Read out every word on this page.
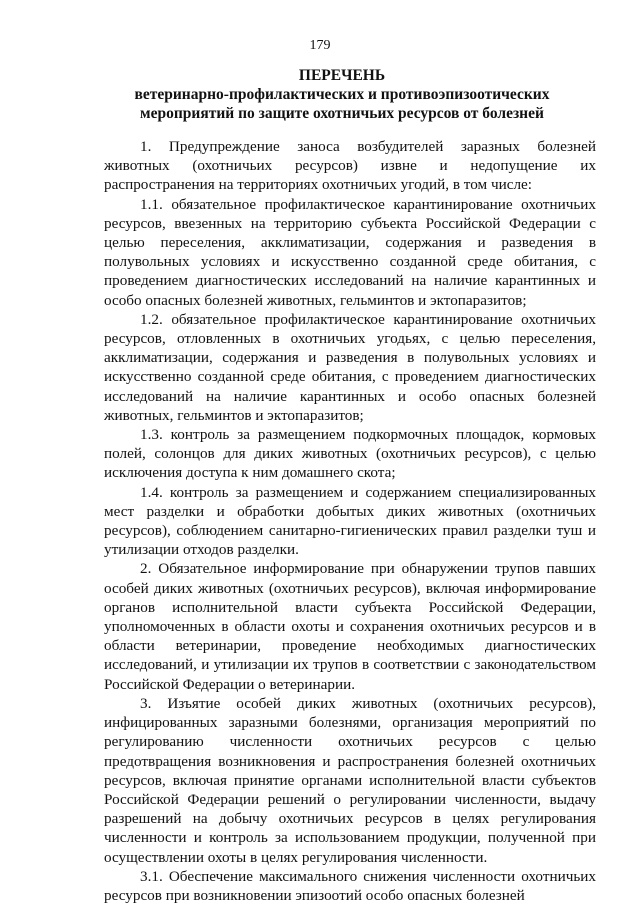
179
ПЕРЕЧЕНЬ
ветеринарно-профилактических и противоэпизоотических
мероприятий по защите охотничьих ресурсов от болезней

1. Предупреждение заноса возбудителей заразных болезней животных (охотничьих ресурсов) извне и недопущение их распространения на территориях охотничьих угодий, в том числе:

1.1. обязательное профилактическое карантинирование охотничьих ресурсов, ввезенных на территорию субъекта Российской Федерации с целью переселения, акклиматизации, содержания и разведения в полувольных условиях и искусственно созданной среде обитания, с проведением диагностических исследований на наличие карантинных и особо опасных болезней животных, гельминтов и эктопаразитов;

1.2. обязательное профилактическое карантинирование охотничьих ресурсов, отловленных в охотничьих угодьях, с целью переселения, акклиматизации, содержания и разведения в полувольных условиях и искусственно созданной среде обитания, с проведением диагностических исследований на наличие карантинных и особо опасных болезней животных, гельминтов и эктопаразитов;

1.3. контроль за размещением подкормочных площадок, кормовых полей, солонцов для диких животных (охотничьих ресурсов), с целью исключения доступа к ним домашнего скота;

1.4. контроль за размещением и содержанием специализированных мест разделки и обработки добытых диких животных (охотничьих ресурсов), соблюдением санитарно-гигиенических правил разделки туш и утилизации отходов разделки.

2. Обязательное информирование при обнаружении трупов павших особей диких животных (охотничьих ресурсов), включая информирование органов исполнительной власти субъекта Российской Федерации, уполномоченных в области охоты и сохранения охотничьих ресурсов и в области ветеринарии, проведение необходимых диагностических исследований, и утилизации их трупов в соответствии с законодательством Российской Федерации о ветеринарии.

3. Изъятие особей диких животных (охотничьих ресурсов), инфицированных заразными болезнями, организация мероприятий по регулированию численности охотничьих ресурсов с целью предотвращения возникновения и распространения болезней охотничьих ресурсов, включая принятие органами исполнительной власти субъектов Российской Федерации решений о регулировании численности, выдачу разрешений на добычу охотничьих ресурсов в целях регулирования численности и контроль за использованием продукции, полученной при осуществлении охоты в целях регулирования численности.

3.1. Обеспечение максимального снижения численности охотничьих ресурсов при возникновении эпизоотий особо опасных болезней
